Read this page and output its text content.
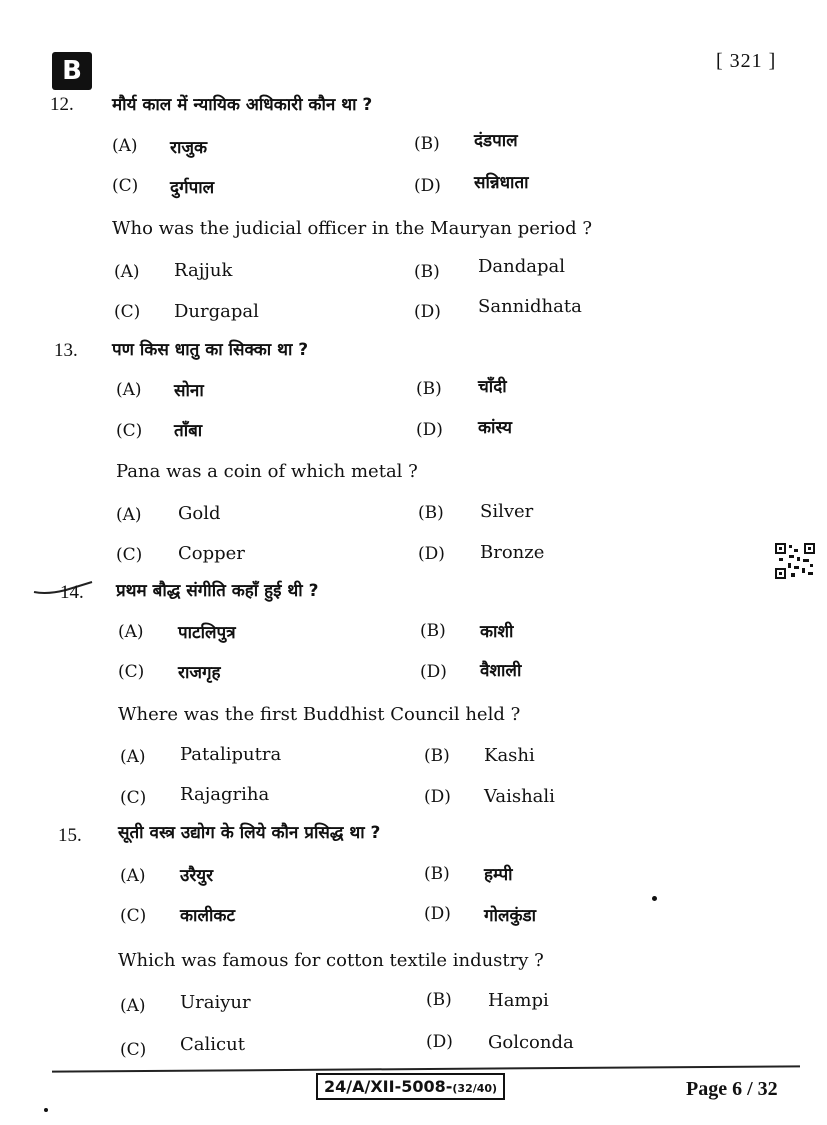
B	[ 321 ]
12. मौर्य काल में न्यायिक अधिकारी कौन था ?
(A) राजुक	(B) दंडपाल
(C) दुर्गपाल	(D) सन्निधाता
Who was the judicial officer in the Mauryan period ?
(A) Rajjuk	(B) Dandapal
(C) Durgapal	(D) Sannidhata
13. पण किस धातु का सिक्का था ?
(A) सोना	(B) चाँदी
(C) ताँबा	(D) कांस्य
Pana was a coin of which metal ?
(A) Gold	(B) Silver
(C) Copper	(D) Bronze
14. प्रथम बौद्ध संगीति कहाँ हुई थी ?
(A) पाटलिपुत्र	(B) काशी
(C) राजगृह	(D) वैशाली
Where was the first Buddhist Council held ?
(A) Pataliputra	(B) Kashi
(C) Rajagriha	(D) Vaishali
15. सूती वस्त्र उद्योग के लिये कौन प्रसिद्ध था ?
(A) उरैयुर	(B) हम्पी
(C) कालीकट	(D) गोलकुंडा
Which was famous for cotton textile industry ?
(A) Uraiyur	(B) Hampi
(C) Calicut	(D) Golconda
24/A/XII-5008-(32/40)	Page 6 / 32
